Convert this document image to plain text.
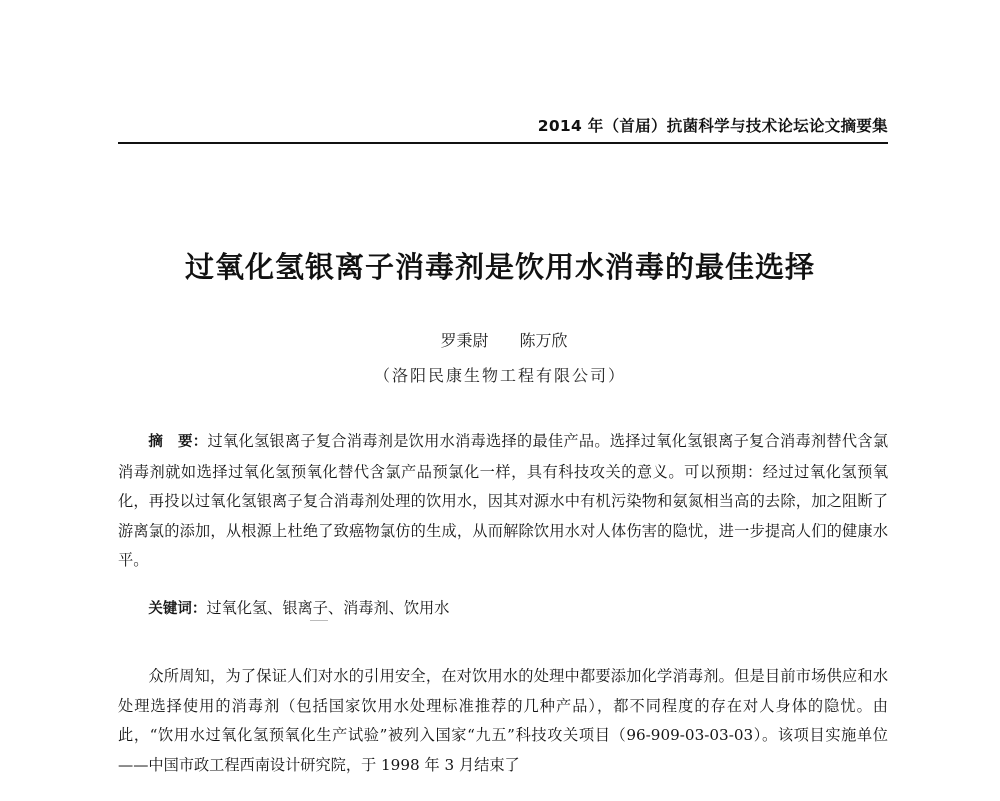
2014 年（首届）抗菌科学与技术论坛论文摘要集
过氧化氢银离子消毒剂是饮用水消毒的最佳选择
罗秉尉 陈万欣
（洛阳民康生物工程有限公司）
摘　要：过氧化氢银离子复合消毒剂是饮用水消毒选择的最佳产品。选择过氧化氢银离子复合消毒剂替代含氯消毒剂就如选择过氧化氢预氧化替代含氯产品预氯化一样，具有科技攻关的意义。可以预期：经过过氧化氢预氧化，再投以过氧化氢银离子复合消毒剂处理的饮用水，因其对源水中有机污染物和氨氮相当高的去除，加之阻断了游离氯的添加，从根源上杜绝了致癌物氯仿的生成，从而解除饮用水对人体伤害的隐忧，进一步提高人们的健康水平。
关键词：过氧化氢、银离子、消毒剂、饮用水

众所周知，为了保证人们对水的引用安全，在对饮用水的处理中都要添加化学消毒剂。但是目前市场供应和水处理选择使用的消毒剂（包括国家饮用水处理标准推荐的几种产品），都不同程度的存在对人身体的隐忧。由此，“饮用水过氧化氢预氧化生产试验”被列入国家“九五”科技攻关项目（96-909-03-03-03）。该项目实施单位——中国市政工程西南设计研究院，于 1998 年 3 月结束了
